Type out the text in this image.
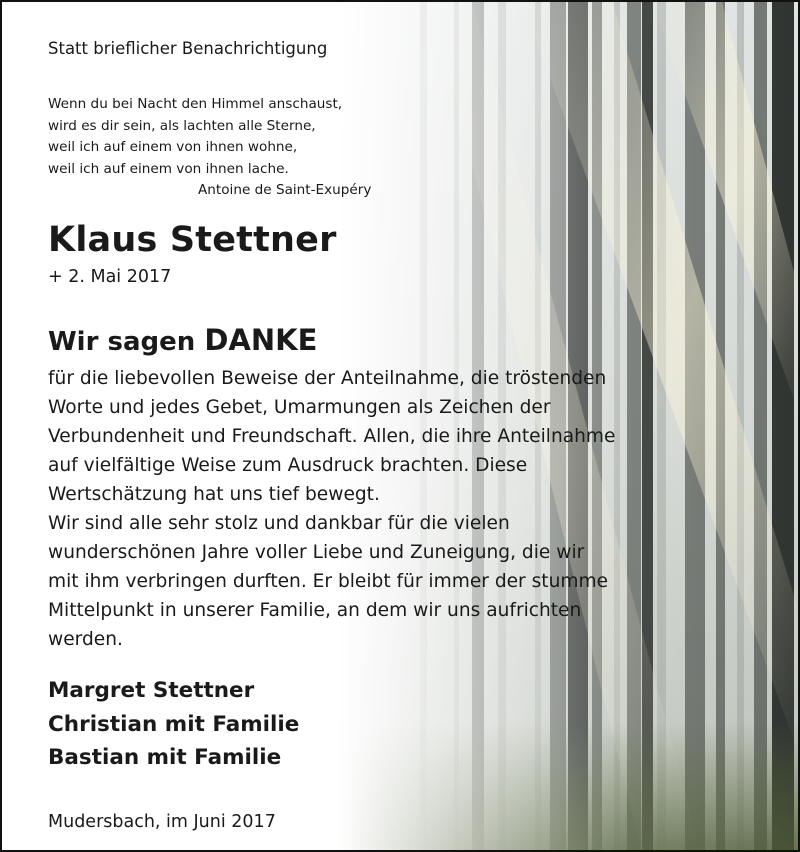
Statt brieflicher Benachrichtigung
Wenn du bei Nacht den Himmel anschaust,
wird es dir sein, als lachten alle Sterne,
weil ich auf einem von ihnen wohne,
weil ich auf einem von ihnen lache.
Antoine de Saint-Exupéry
Klaus Stettner
+ 2. Mai 2017
Wir sagen DANKE
für die liebevollen Beweise der Anteilnahme, die tröstenden
Worte und jedes Gebet, Umarmungen als Zeichen der
Verbundenheit und Freundschaft. Allen, die ihre Anteilnahme
auf vielfältige Weise zum Ausdruck brachten. Diese
Wertschätzung hat uns tief bewegt.
Wir sind alle sehr stolz und dankbar für die vielen
wunderschönen Jahre voller Liebe und Zuneigung, die wir
mit ihm verbringen durften. Er bleibt für immer der stumme
Mittelpunkt in unserer Familie, an dem wir uns aufrichten
werden.
Margret Stettner
Christian mit Familie
Bastian mit Familie
Mudersbach, im Juni 2017
